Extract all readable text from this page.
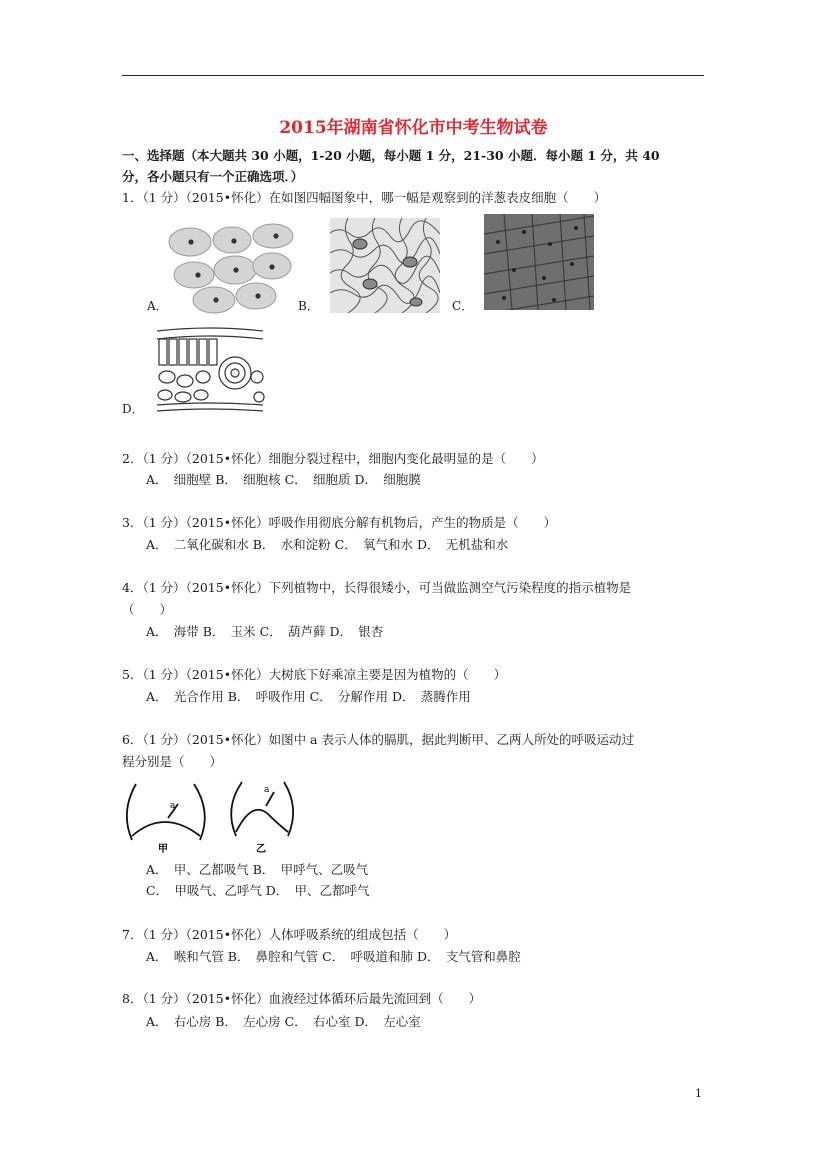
2015年湖南省怀化市中考生物试卷
一、选择题（本大题共 30 小题，1-20 小题，每小题 1 分，21-30 小题．每小题 1 分，共 40
分，各小题只有一个正确选项．）
1．（1 分）（2015•怀化）在如图四幅图象中，哪一幅是观察到的洋葱表皮细胞（　　）
A．	B．	C．
D．
2．（1 分）（2015•怀化）细胞分裂过程中，细胞内变化最明显的是（　　）
A．　细胞壁 B．　细胞核 C．　细胞质 D．　细胞膜
3．（1 分）（2015•怀化）呼吸作用彻底分解有机物后，产生的物质是（　　）
A．　二氧化碳和水 B．　水和淀粉 C．　氧气和水 D．　无机盐和水
4．（1 分）（2015•怀化）下列植物中，长得很矮小，可当做监测空气污染程度的指示植物是
（　　）
A．　海带 B．　玉米 C．　葫芦藓 D．　银杏
5．（1 分）（2015•怀化）大树底下好乘凉主要是因为植物的（　　）
A．　光合作用 B．　呼吸作用 C．　分解作用 D．　蒸腾作用
6．（1 分）（2015•怀化）如图中 a 表示人体的膈肌，据此判断甲、乙两人所处的呼吸运动过
程分别是（　　）
a
a
甲	乙
A．　甲、乙都吸气 B．　甲呼气、乙吸气
C．　甲吸气、乙呼气 D．　甲、乙都呼气
7．（1 分）（2015•怀化）人体呼吸系统的组成包括（　　）
A．　喉和气管 B．　鼻腔和气管 C．　呼吸道和肺 D．　支气管和鼻腔
8．（1 分）（2015•怀化）血液经过体循环后最先流回到（　　）
A．　右心房 B．　左心房 C．　右心室 D．　左心室
1
